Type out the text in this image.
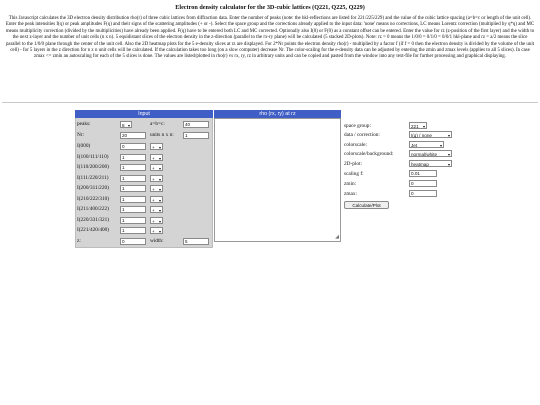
Electron density calculator for the 3D-cubic lattices (Q221, Q225, Q229)
This Javascript calculates the 3D electron density distribution rho(r) of three cubic lattices from diffraction data. Enter the number of peaks (note: the hkl-reflections are listed for 221/225/229) and the value of the cubic lattice spacing (a=b=c or length of the unit cell). Enter the peak intensities I(q) or peak amplitudes F(q) and their signs of the scattering amplitudes (+ or -). Select the space group and the corrections already applied to the input data: 'none' means no corrections, LC means Lorentz correction (multiplied by q*q) and MC means multiplicity correction (divided by the multiplicities) have already been applied. F(q) have to be entered both LC and MC corrected. Optionally also I(0) or F(0) as a constant offset can be entered. Enter the value for rz (z-position of the first layer) and the width to the next z-layer and the number of unit cells (n x n). 5 equidistant slices of the electron density in the z-direction (parallel to the rx-ry plane) will be calculated (5 stacked 2D-plots). Note: rz = 0 means the 1/0/0 = 0/1/0 = 0/0/1 hkl-plane and rz = a/2 means the slice parallel to the 1/0/0 plane through the center of the unit cell. Also the 2D heatmap plots for the 5 e-density slices at rz are displayed. For 2*Nr points the electron density rho(r) - multiplied by a factor f (if f = 0 then the electron density is divided by the volume of the unit cell) - for 5 layers in the z direction for n x n unit cells will be calculated. If the calculation takes too long (on a slow computer) decrease Nr. The color-scaling for the e-density data can be adjusted by entering the zmin and zmax levels (applies to all 5 slices). In case zmax <= zmin an autoscaling for each of the 5 slices is done. The values are listed/plotted in rho(r) vs rx, ry, rz in arbitrary units and can be copied and pasted from the window into any text-file for further processing and graphical displaying.
Input
peaks:	8 ▾	a=b=c:	40
Nr:	20	units n x n:	1
I(000)	0	+ ▾
I(100/111/110)	1	+ ▾
I(110/200/200)	1	+ ▾
I(111/220/211)	1	+ ▾
I(200/311/220)	1	+ ▾
I(210/222/310)	1	+ ▾
I(211/400/222)	1	+ ▾
I(220/331/321)	1	+ ▾
I(221/420/400)	1	+ ▾
z:	0	width:	5
rho (rx, ry) at rz
◢
space group:	221 ▾
data / correction:	I(q) / none	▾
colorscale:	Jet	▾
colorscale/background:	normal/white	▾
2D-plot:	heatmap	▾
scaling f:	0.01
zmin:	0
zmax:	0
Calculate/Plot
